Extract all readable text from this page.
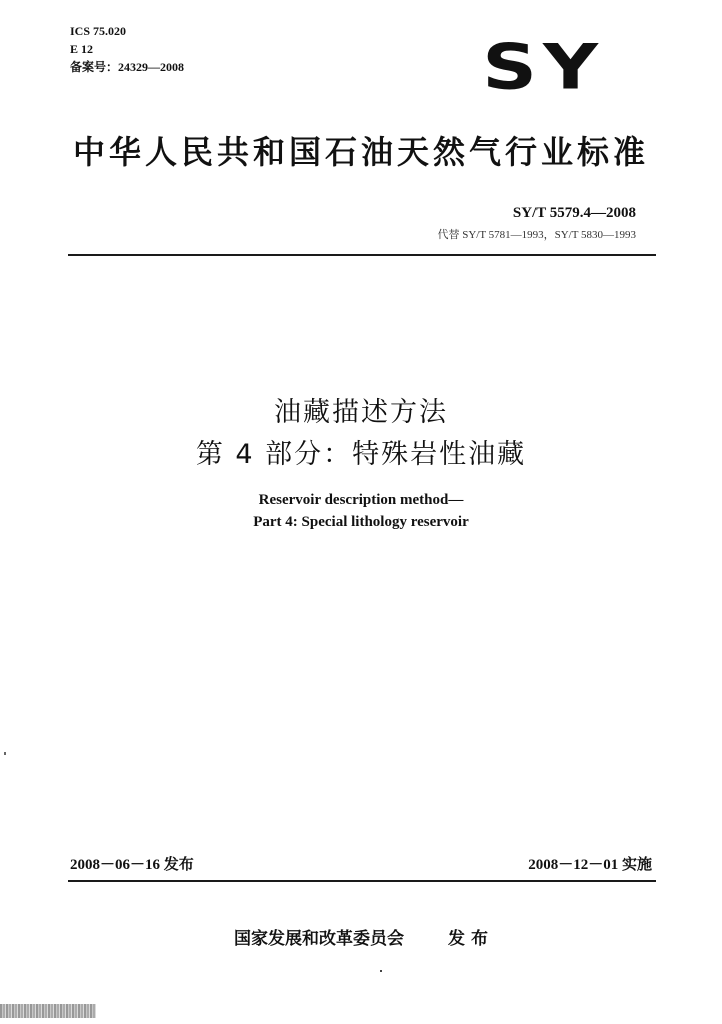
ICS 75.020
E 12
备案号：24329—2008	SY
中华人民共和国石油天然气行业标准
SY/T 5579.4—2008
代替 SY/T 5781—1993，SY/T 5830—1993
油藏描述方法
第 4 部分：特殊岩性油藏
Reservoir description method—
Part 4: Special lithology reservoir
2008－06－16 发布	2008－12－01 实施
国家发展和改革委员会	发 布
